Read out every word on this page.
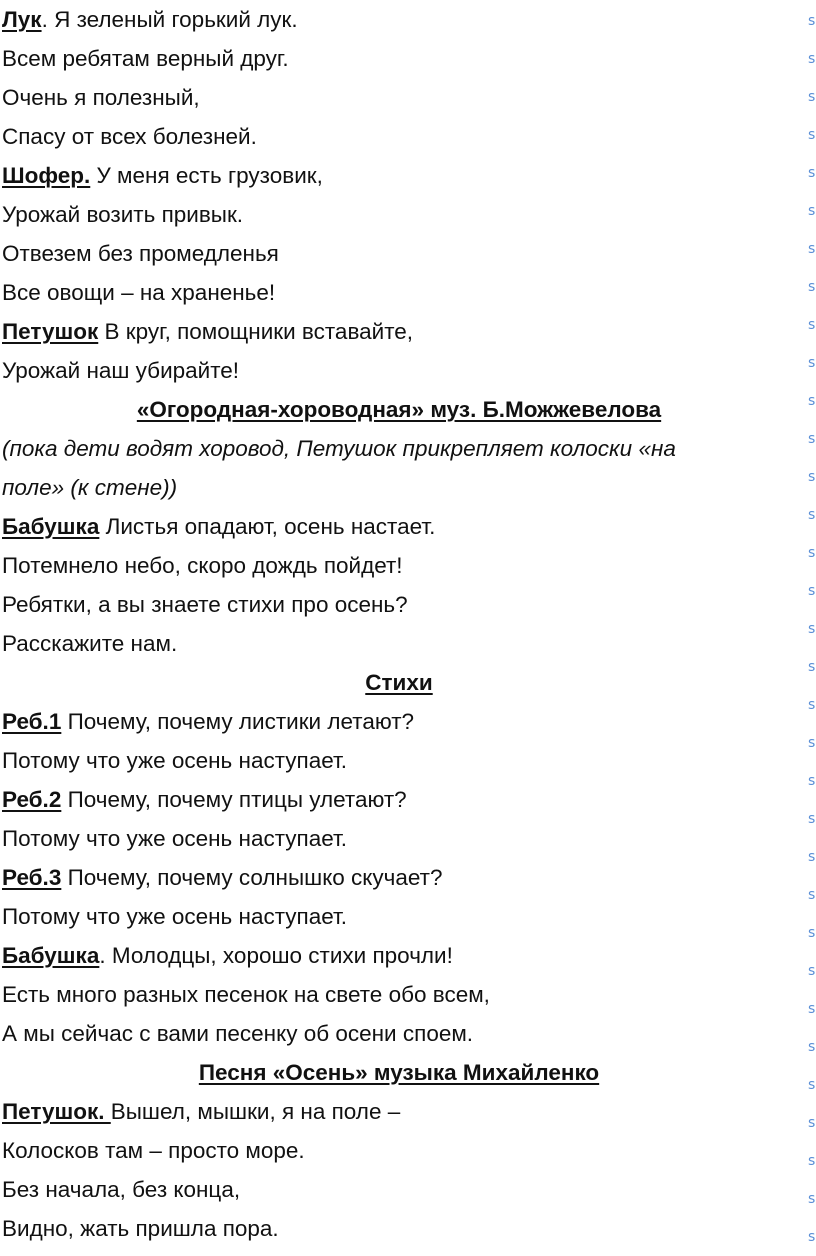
Лук. Я зеленый горький лук.
Всем ребятам верный друг.
Очень я полезный,
Спасу от всех болезней.
Шофер. У меня есть грузовик,
Урожай возить привык.
Отвезем без промедленья
Все овощи – на храненье!
Петушок В круг, помощники вставайте,
Урожай наш убирайте!
«Огородная-хороводная» муз. Б.Можжевелова
(пока дети водят хоровод, Петушок прикрепляет колоски «на
поле» (к стене))
Бабушка Листья опадают, осень настает.
Потемнело небо, скоро дождь пойдет!
Ребятки, а вы знаете стихи про осень?
Расскажите нам.
Стихи
Реб.1 Почему, почему листики летают?
Потому что уже осень наступает.
Реб.2 Почему, почему птицы улетают?
Потому что уже осень наступает.
Реб.3 Почему, почему солнышко скучает?
Потому что уже осень наступает.
Бабушка. Молодцы, хорошо стихи прочли!
Есть много разных песенок на свете обо всем,
А мы сейчас с вами песенку об осени споем.
Песня «Осень» музыка Михайленко
Петушок. Вышел, мышки, я на поле –
Колосков там – просто море.
Без начала, без конца,
Видно, жать пришла пора.
s
s
s
s
s
s
s
s
s
s
s
s
s
s
s
s
s
s
s
s
s
s
s
s
s
s
s
s
s
s
s
s
s
